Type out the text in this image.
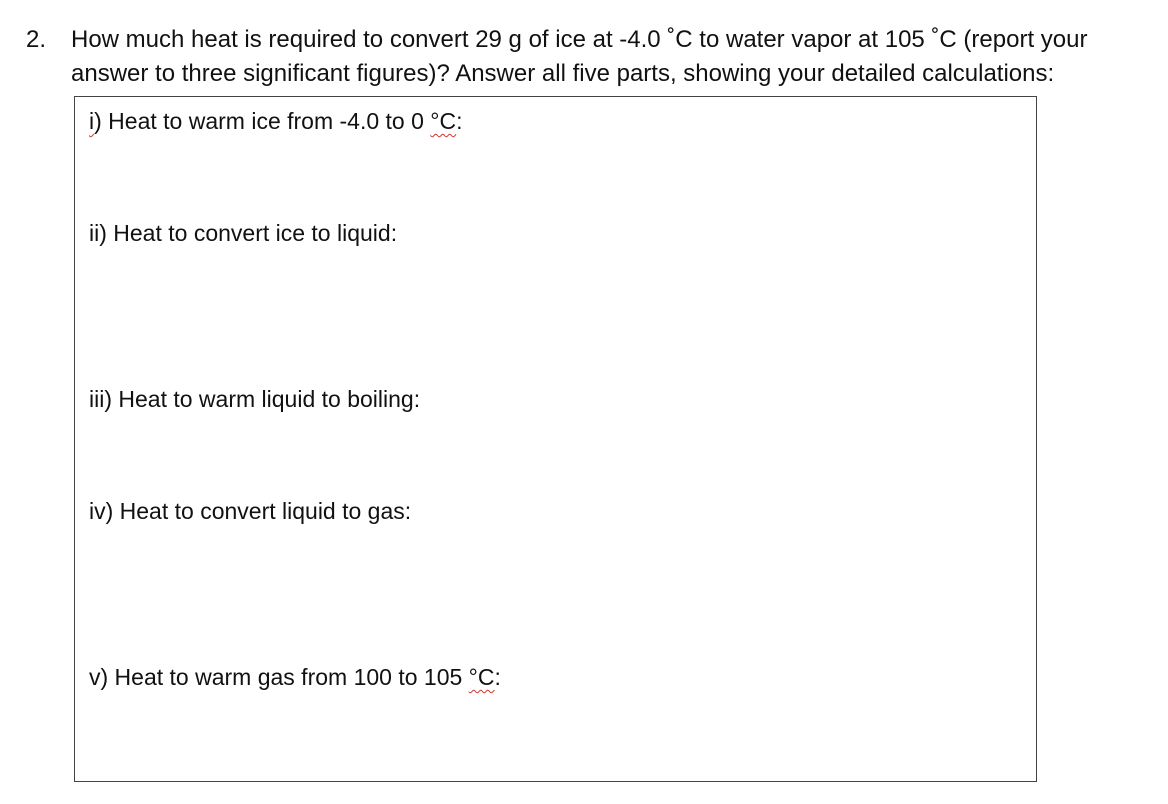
2. How much heat is required to convert 29 g of ice at -4.0 ˚C to water vapor at 105 ˚C (report your
answer to three significant figures)? Answer all five parts, showing your detailed calculations:
i) Heat to warm ice from -4.0 to 0 °C:
ii) Heat to convert ice to liquid:
iii) Heat to warm liquid to boiling:
iv) Heat to convert liquid to gas:
v) Heat to warm gas from 100 to 105 °C:
